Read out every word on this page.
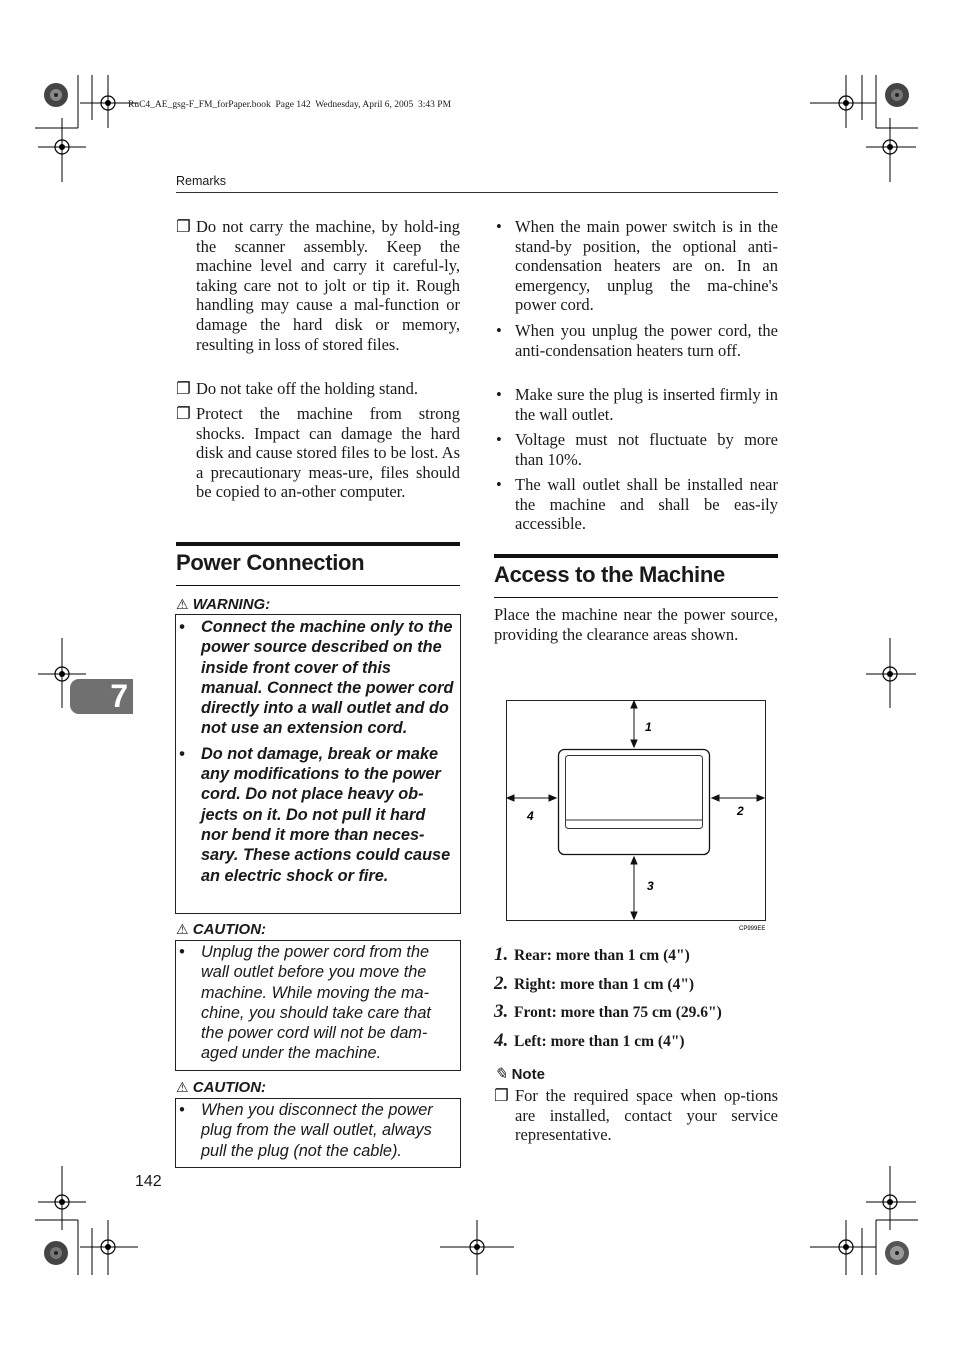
RuC4_AE_gsg-F_FM_forPaper.book  Page 142  Wednesday, April 6, 2005  3:43 PM
Remarks
7
❐ Do not carry the machine, by hold-ing the scanner assembly. Keep the machine level and carry it careful-ly, taking care not to jolt or tip it. Rough handling may cause a mal-function or damage the hard disk or memory, resulting in loss of stored files.
❐ Do not take off the holding stand.
❐ Protect the machine from strong shocks. Impact can damage the hard disk and cause stored files to be lost. As a precautionary meas-ure, files should be copied to an-other computer.
Power Connection
⚠ WARNING:

• Connect the machine only to the power source described on the inside front cover of this manual. Connect the power cord directly into a wall outlet and do not use an extension cord.

• Do not damage, break or make any modifications to the power cord. Do not place heavy ob-jects on it. Do not pull it hard nor bend it more than neces-sary. These actions could cause an electric shock or fire.

⚠ CAUTION:

• Unplug the power cord from the wall outlet before you move the machine. While moving the ma-chine, you should take care that the power cord will not be dam-aged under the machine.

⚠ CAUTION:

• When you disconnect the power plug from the wall outlet, always pull the plug (not the cable).

142
• When the main power switch is in the stand-by position, the optional anti-condensation heaters are on. In an emergency, unplug the ma-chine's power cord.
• When you unplug the power cord, the anti-condensation heaters turn off.
• Make sure the plug is inserted firmly in the wall outlet.
• Voltage must not fluctuate by more than 10%.
• The wall outlet shall be installed near the machine and shall be eas-ily accessible.
Access to the Machine
Place the machine near the power source, providing the clearance areas shown.
1
2
3
4
CP999EE
1. Rear: more than 1 cm (4")
2. Right: more than 1 cm (4")
3. Front: more than 75 cm (29.6")
4. Left: more than 1 cm (4")
✎ Note
❐ For the required space when op-tions are installed, contact your service representative.
